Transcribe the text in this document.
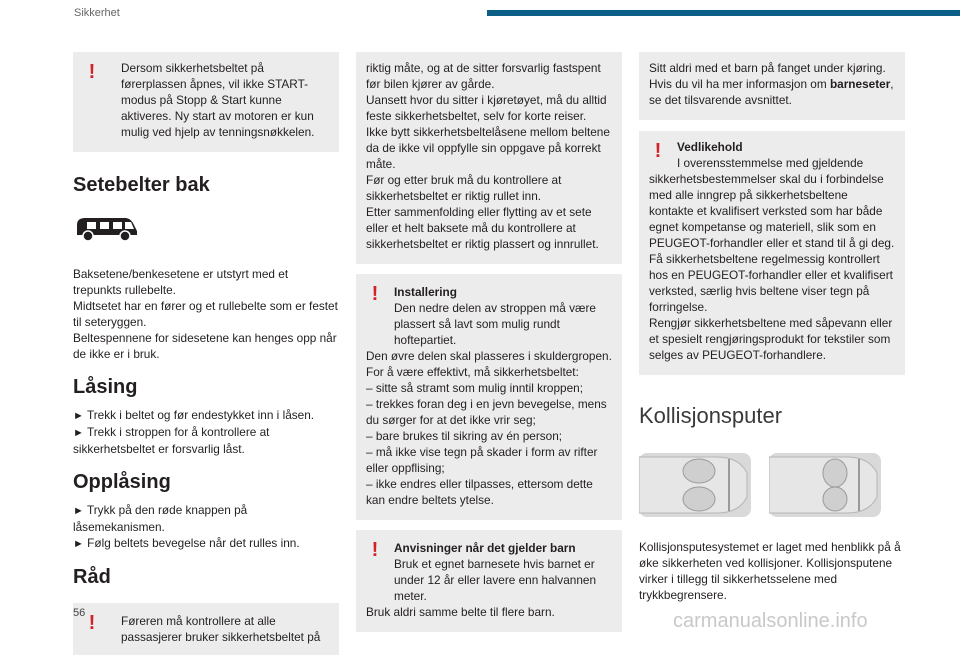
Sikkerhet
!	Dersom sikkerhetsbeltet på førerplassen åpnes, vil ikke START-modus på Stopp & Start kunne aktiveres. Ny start av motoren er kun mulig ved hjelp av tenningsnøkkelen.
Setebelter bak

Baksetene/benkesetene er utstyrt med et trepunkts rullebelte.

Midtsetet har en fører og et rullebelte som er festet til seteryggen.

Beltespennene for sidesetene kan henges opp når de ikke er i bruk.

Låsing

► Trekk i beltet og før endestykket inn i låsen.

► Trekk i stroppen for å kontrollere at sikkerhetsbeltet er forsvarlig låst.

Opplåsing

► Trykk på den røde knappen på låsemekanismen.

► Følg beltets bevegelse når det rulles inn.

Råd
!	Føreren må kontrollere at alle passasjerer bruker sikkerhetsbeltet på
riktig måte, og at de sitter forsvarlig fastspent før bilen kjører av gårde.
Uansett hvor du sitter i kjøretøyet, må du alltid feste sikkerhetsbeltet, selv for korte reiser.
Ikke bytt sikkerhetsbeltelåsene mellom beltene da de ikke vil oppfylle sin oppgave på korrekt måte.
Før og etter bruk må du kontrollere at sikkerhetsbeltet er riktig rullet inn.
Etter sammenfolding eller flytting av et sete eller et helt baksete må du kontrollere at sikkerhetsbeltet er riktig plassert og innrullet.
!	Installering
Den nedre delen av stroppen må være plassert så lavt som mulig rundt hoftepartiet.
Den øvre delen skal plasseres i skuldergropen.
For å være effektivt, må sikkerhetsbeltet:
– sitte så stramt som mulig inntil kroppen;
– trekkes foran deg i en jevn bevegelse, mens du sørger for at det ikke vrir seg;
– bare brukes til sikring av én person;
– må ikke vise tegn på skader i form av rifter eller oppflising;
– ikke endres eller tilpasses, ettersom dette kan endre beltets ytelse.
!	Anvisninger når det gjelder barn
Bruk et egnet barnesete hvis barnet er under 12 år eller lavere enn halvannen meter.
Bruk aldri samme belte til flere barn.
Sitt aldri med et barn på fanget under kjøring.
Hvis du vil ha mer informasjon om barneseter, se det tilsvarende avsnittet.
!	Vedlikehold
I overensstemmelse med gjeldende sikkerhetsbestemmelser skal du i forbindelse med alle inngrep på sikkerhetsbeltene kontakte et kvalifisert verksted som har både egnet kompetanse og materiell, slik som en PEUGEOT-forhandler eller et stand til å gi deg.
Få sikkerhetsbeltene regelmessig kontrollert hos en PEUGEOT-forhandler eller et kvalifisert verksted, særlig hvis beltene viser tegn på forringelse.
Rengjør sikkerhetsbeltene med såpevann eller et spesielt rengjøringsprodukt for tekstiler som selges av PEUGEOT-forhandlere.
Kollisjonsputer

Kollisjonsputesystemet er laget med henblikk på å øke sikkerheten ved kollisjoner. Kollisjonsputene virker i tillegg til sikkerhetsselene med trykkbegrensere.

56	carmanualsonline.info
